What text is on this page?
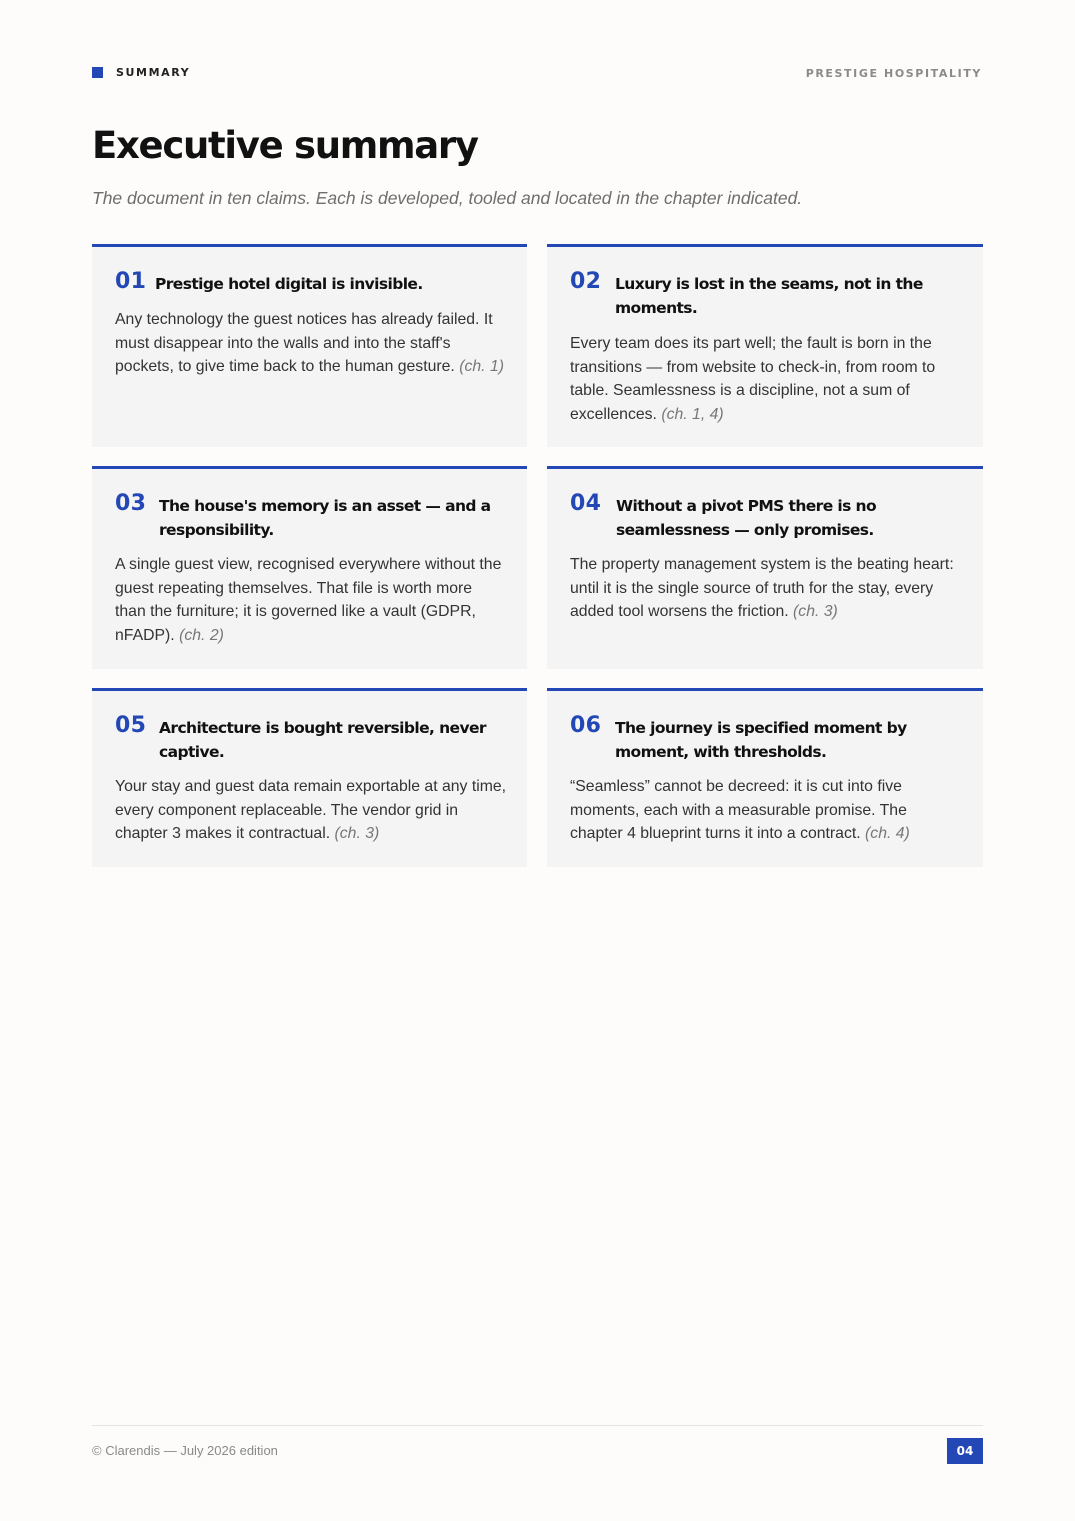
SUMMARY	PRESTIGE HOSPITALITY
Executive summary

The document in ten claims. Each is developed, tooled and located in the chapter indicated.

01 Prestige hotel digital is invisible.

Any technology the guest notices has already failed. It must disappear into the walls and into the staff's pockets, to give time back to the human gesture. (ch. 1)

02 Luxury is lost in the seams, not in the moments.

Every team does its part well; the fault is born in the transitions — from website to check-in, from room to table. Seamlessness is a discipline, not a sum of excellences. (ch. 1, 4)

03 The house's memory is an asset — and a responsibility.

A single guest view, recognised everywhere without the guest repeating themselves. That file is worth more than the furniture; it is governed like a vault (GDPR, nFADP). (ch. 2)

04 Without a pivot PMS there is no seamlessness — only promises.

The property management system is the beating heart: until it is the single source of truth for the stay, every added tool worsens the friction. (ch. 3)

05 Architecture is bought reversible, never captive.

Your stay and guest data remain exportable at any time, every component replaceable. The vendor grid in chapter 3 makes it contractual. (ch. 3)

06 The journey is specified moment by moment, with thresholds.

“Seamless” cannot be decreed: it is cut into five moments, each with a measurable promise. The chapter 4 blueprint turns it into a contract. (ch. 4)

© Clarendis — July 2026 edition	04
